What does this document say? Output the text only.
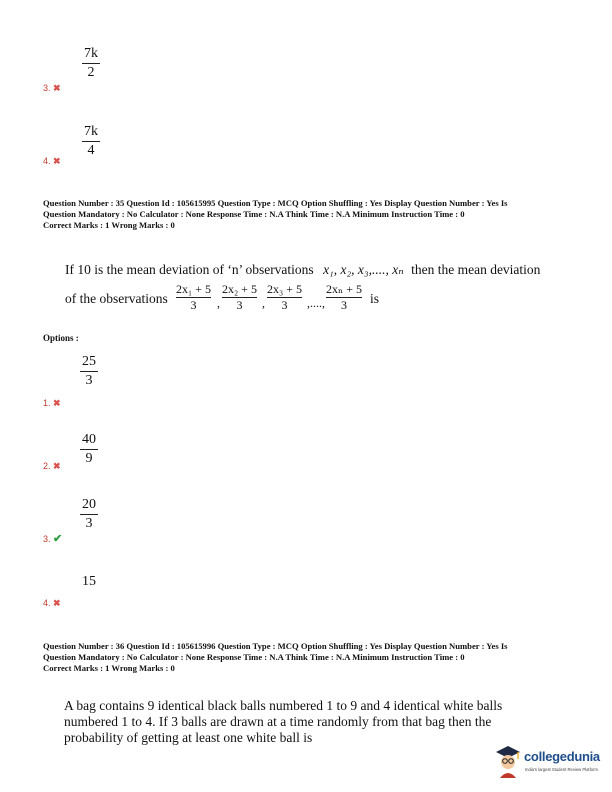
7k
2
3. ✖
7k
4
4. ✖
Question Number : 35 Question Id : 105615995 Question Type : MCQ Option Shuffling : Yes Display Question Number : Yes Is
Question Mandatory : No Calculator : None Response Time : N.A Think Time : N.A Minimum Instruction Time : 0
Correct Marks : 1 Wrong Marks : 0
If 10 is the mean deviation of ‘n’ observations x₁, x₂, x₃,...., xₙ then the mean deviation
of the observations
2x₁ + 5
3 ,
2x₂ + 5
3 ,
2x₃ + 5
3 ,....,
2xₙ + 5
3 is
Options :
25
3
1. ✖
40
9
2. ✖
20
3
3. ✔
15
4. ✖
Question Number : 36 Question Id : 105615996 Question Type : MCQ Option Shuffling : Yes Display Question Number : Yes Is
Question Mandatory : No Calculator : None Response Time : N.A Think Time : N.A Minimum Instruction Time : 0
Correct Marks : 1 Wrong Marks : 0
A bag contains 9 identical black balls numbered 1 to 9 and 4 identical white balls
numbered 1 to 4. If 3 balls are drawn at a time randomly from that bag then the
probability of getting at least one white ball is
collegedunia
India's largest Student Review Platform
